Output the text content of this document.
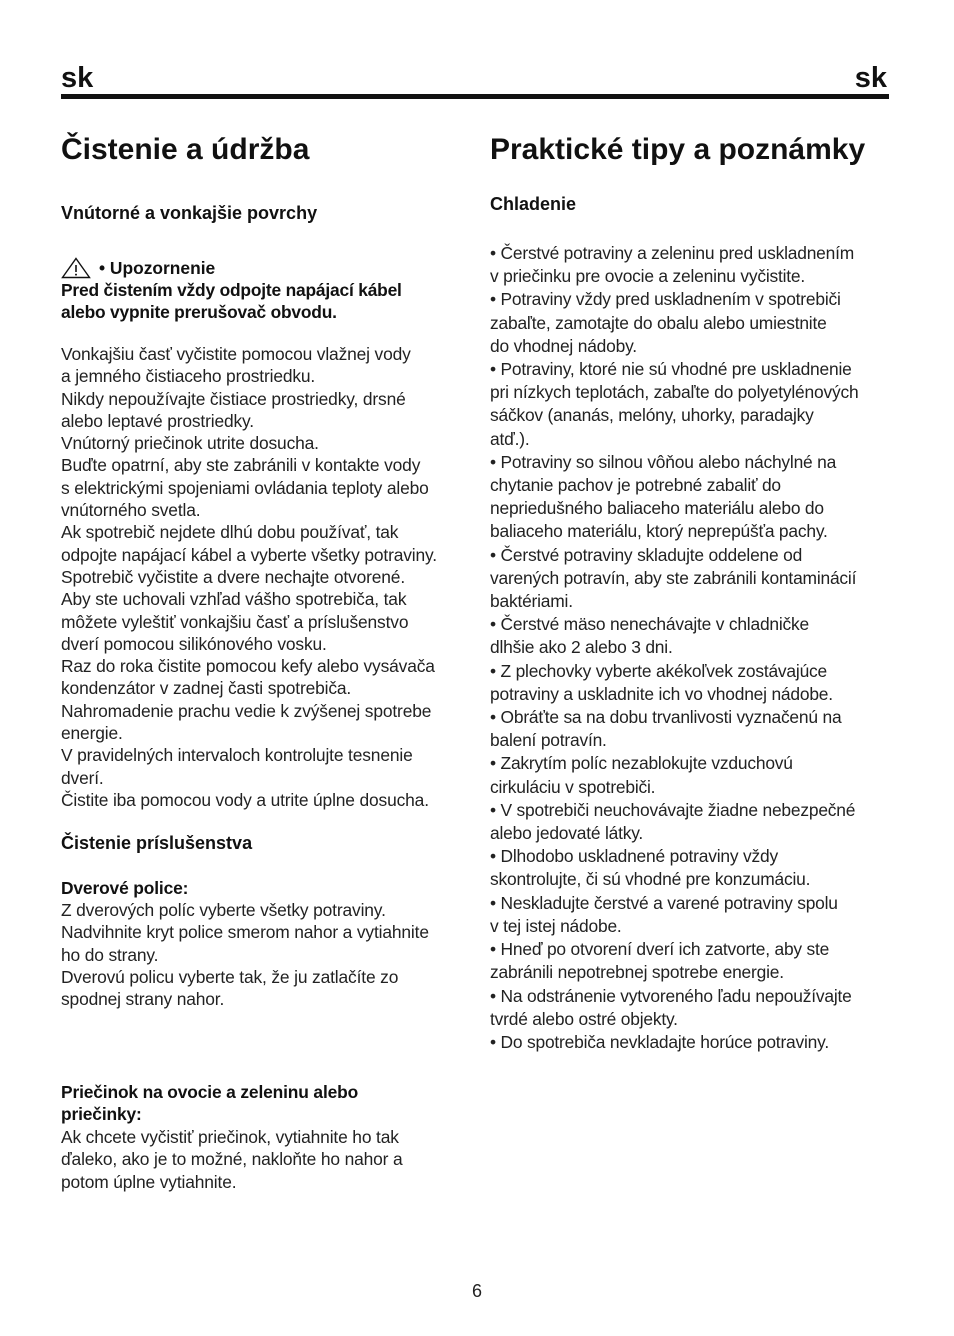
sk	sk
Čistenie a údržba
Vnútorné a vonkajšie povrchy
• Upozornenie
Pred čistením vždy odpojte napájací kábel
alebo vypnite prerušovač obvodu.
Vonkajšiu časť vyčistite pomocou vlažnej vody
a jemného čistiaceho prostriedku.
Nikdy nepoužívajte čistiace prostriedky, drsné
alebo leptavé prostriedky.
Vnútorný priečinok utrite dosucha.
Buďte opatrní, aby ste zabránili v kontakte vody
s elektrickými spojeniami ovládania teploty alebo
vnútorného svetla.
Ak spotrebič nejdete dlhú dobu používať, tak
odpojte napájací kábel a vyberte všetky potraviny.
Spotrebič vyčistite a dvere nechajte otvorené.
Aby ste uchovali vzhľad vášho spotrebiča, tak
môžete vyleštiť vonkajšiu časť a príslušenstvo
dverí pomocou silikónového vosku.
Raz do roka čistite pomocou kefy alebo vysávača
kondenzátor v zadnej časti spotrebiča.
Nahromadenie prachu vedie k zvýšenej spotrebe
energie.
V pravidelných intervaloch kontrolujte tesnenie
dverí.
Čistite iba pomocou vody a utrite úplne dosucha.
Čistenie príslušenstva
Dverové police:
Z dverových políc vyberte všetky potraviny.
Nadvihnite kryt police smerom nahor a vytiahnite
ho do strany.
Dverovú policu vyberte tak, že ju zatlačíte zo
spodnej strany nahor.
Priečinok na ovocie a zeleninu alebo
priečinky:
Ak chcete vyčistiť priečinok, vytiahnite ho tak
ďaleko, ako je to možné, nakloňte ho nahor a
potom úplne vytiahnite.
Praktické tipy a poznámky
Chladenie
• Čerstvé potraviny a zeleninu pred uskladnením
v priečinku pre ovocie a zeleninu vyčistite.
• Potraviny vždy pred uskladnením v spotrebiči
zabaľte, zamotajte do obalu alebo umiestnite
do vhodnej nádoby.
• Potraviny, ktoré nie sú vhodné pre uskladnenie
pri nízkych teplotách, zabaľte do polyetylénových
sáčkov (ananás, melóny, uhorky, paradajky
atď.).
• Potraviny so silnou vôňou alebo náchylné na
chytanie pachov je potrebné zabaliť do
nepriedušného baliaceho materiálu alebo do
baliaceho materiálu, ktorý neprepúšťa pachy.
• Čerstvé potraviny skladujte oddelene od
varených potravín, aby ste zabránili kontaminácií
baktériami.
• Čerstvé mäso nenechávajte v chladničke
dlhšie ako 2 alebo 3 dni.
• Z plechovky vyberte akékoľvek zostávajúce
potraviny a uskladnite ich vo vhodnej nádobe.
• Obráťte sa na dobu trvanlivosti vyznačenú na
balení potravín.
• Zakrytím políc nezablokujte vzduchovú
cirkuláciu v spotrebiči.
• V spotrebiči neuchovávajte žiadne nebezpečné
alebo jedovaté látky.
• Dlhodobo uskladnené potraviny vždy
skontrolujte, či sú vhodné pre konzumáciu.
• Neskladujte čerstvé a varené potraviny spolu
v tej istej nádobe.
• Hneď po otvorení dverí ich zatvorte, aby ste
zabránili nepotrebnej spotrebe energie.
• Na odstránenie vytvoreného ľadu nepoužívajte
tvrdé alebo ostré objekty.
• Do spotrebiča nevkladajte horúce potraviny.
6
